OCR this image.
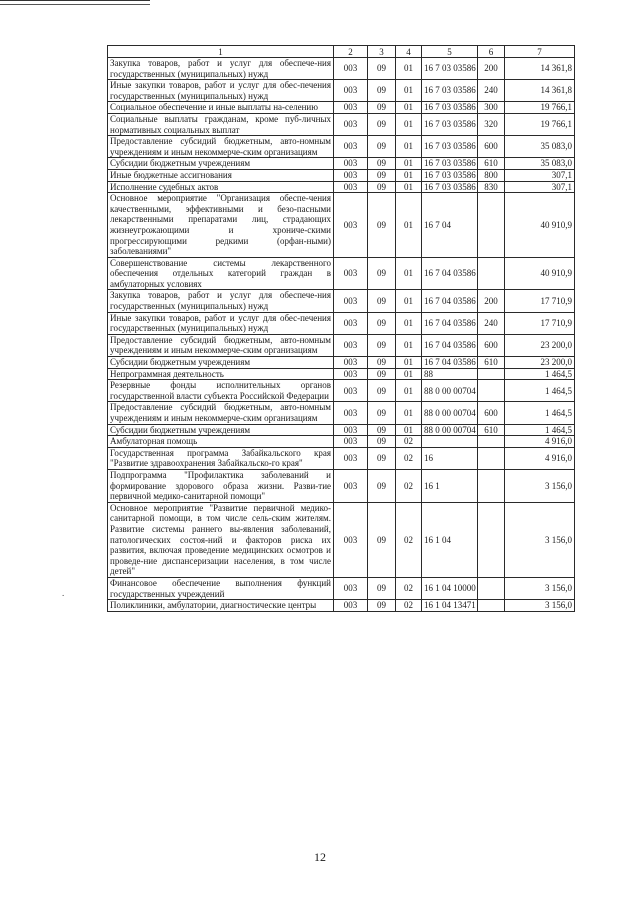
.
1	2	3	4	5	6	7
Закупка товаров, работ и услуг для обеспече-ния государственных (муниципальных) нужд	003	09	01	16 7 03 03586	200	14 361,8
Иные закупки товаров, работ и услуг для обес-печения государственных (муниципальных) нужд	003	09	01	16 7 03 03586	240	14 361,8
Социальное обеспечение и иные выплаты на-селению	003	09	01	16 7 03 03586	300	19 766,1
Социальные выплаты гражданам, кроме пуб-личных нормативных социальных выплат	003	09	01	16 7 03 03586	320	19 766,1
Предоставление субсидий бюджетным, авто-номным учреждениям и иным некоммерче-ским организациям	003	09	01	16 7 03 03586	600	35 083,0
Субсидии бюджетным учреждениям	003	09	01	16 7 03 03586	610	35 083,0
Иные бюджетные ассигнования	003	09	01	16 7 03 03586	800	307,1
Исполнение судебных актов	003	09	01	16 7 03 03586	830	307,1
Основное мероприятие "Организация обеспе-чения качественными, эффективными и безо-пасными лекарственными препаратами лиц, страдающих жизнеугрожающими и хрониче-скими прогрессирующими редкими (орфан-ными) заболеваниями"	003	09	01	16 7 04		40 910,9
Совершенствование системы лекарственного обеспечения отдельных категорий граждан в амбулаторных условиях	003	09	01	16 7 04 03586		40 910,9
Закупка товаров, работ и услуг для обеспече-ния государственных (муниципальных) нужд	003	09	01	16 7 04 03586	200	17 710,9
Иные закупки товаров, работ и услуг для обес-печения государственных (муниципальных) нужд	003	09	01	16 7 04 03586	240	17 710,9
Предоставление субсидий бюджетным, авто-номным учреждениям и иным некоммерче-ским организациям	003	09	01	16 7 04 03586	600	23 200,0
Субсидии бюджетным учреждениям	003	09	01	16 7 04 03586	610	23 200,0
Непрограммная деятельность	003	09	01	88		1 464,5
Резервные фонды исполнительных органов государственной власти субъекта Российской Федерации	003	09	01	88 0 00 00704		1 464,5
Предоставление субсидий бюджетным, авто-номным учреждениям и иным некоммерче-ским организациям	003	09	01	88 0 00 00704	600	1 464,5
Субсидии бюджетным учреждениям	003	09	01	88 0 00 00704	610	1 464,5
Амбулаторная помощь	003	09	02			4 916,0
Государственная программа Забайкальского края "Развитие здравоохранения Забайкальско-го края"	003	09	02	16		4 916,0
Подпрограмма "Профилактика заболеваний и формирование здорового образа жизни. Разви-тие первичной медико-санитарной помощи"	003	09	02	16 1		3 156,0
Основное мероприятие "Развитие первичной медико-санитарной помощи, в том числе сель-ским жителям. Развитие системы раннего вы-явления заболеваний, патологических состоя-ний и факторов риска их развития, включая проведение медицинских осмотров и проведе-ние диспансеризации населения, в том числе детей"	003	09	02	16 1 04		3 156,0
Финансовое обеспечение выполнения функций государственных учреждений	003	09	02	16 1 04 10000		3 156,0
Поликлиники, амбулатории, диагностические центры	003	09	02	16 1 04 13471		3 156,0
12
